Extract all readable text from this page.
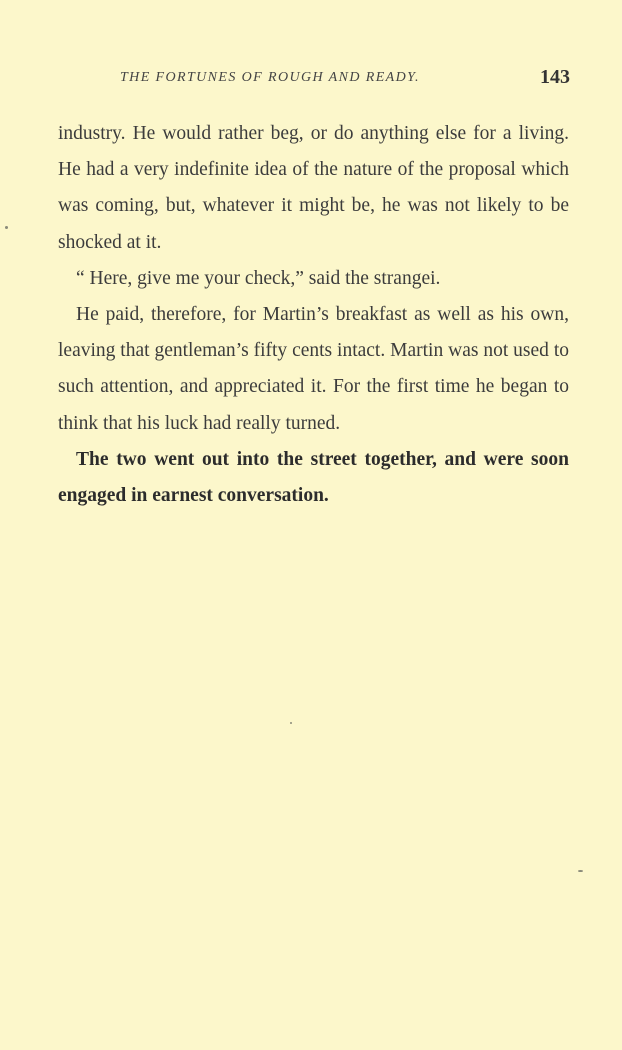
THE FORTUNES OF ROUGH AND READY.	143

industry. He would rather beg, or do anything else for a living. He had a very indefinite idea of the nature of the proposal which was coming, but, whatever it might be, he was not likely to be shocked at it.

“ Here, give me your check,” said the strangei.

He paid, therefore, for Martin’s breakfast as well as his own, leaving that gentleman’s fifty cents intact. Martin was not used to such attention, and appreciated it. For the first time he began to think that his luck had really turned.

The two went out into the street together, and were soon engaged in earnest conversation.
